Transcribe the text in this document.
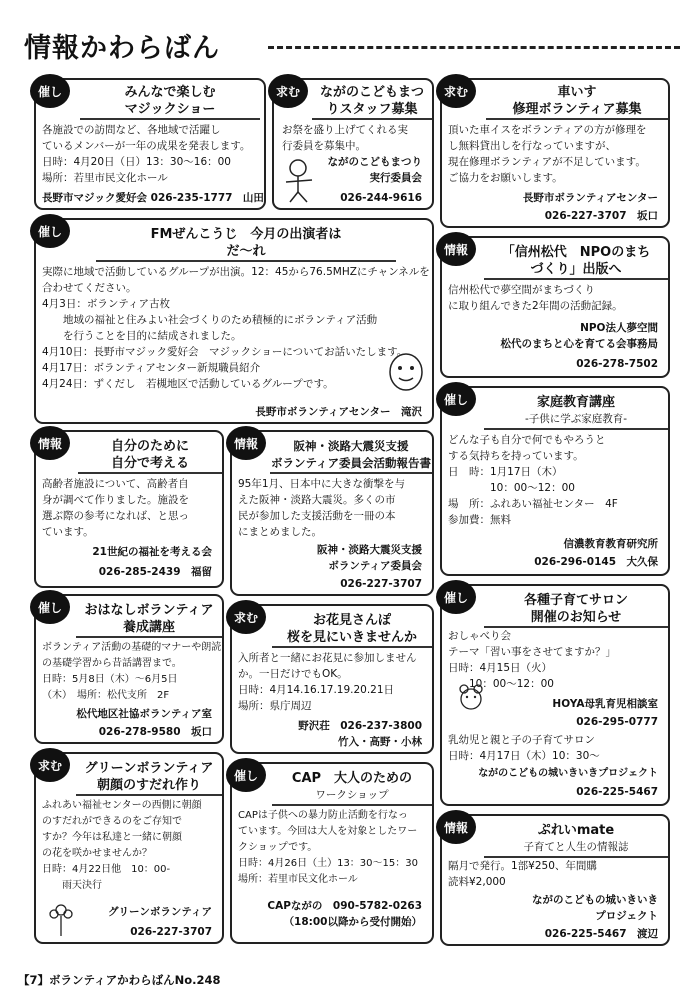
情報かわらばん
催し	みんなで楽しむ
マジックショー
各施設での訪問など、各地域で活躍し
ているメンバーが一年の成果を発表します。
日時：4月20日（日）13：30～16：00
場所：若里市民文化ホール
長野市マジック愛好会 026-235-1777　山田
求む	ながのこどもまつ
りスタッフ募集
お祭を盛り上げてくれる実
行委員を募集中。
ながのこどもまつり
実行委員会
026-244-9616
求む	車いす
修理ボランティア募集
頂いた車イスをボランティアの方が修理を
し無料貸出しを行なっていますが、
現在修理ボランティアが不足しています。
ご協力をお願いします。
長野市ボランティアセンター
026-227-3707　坂口
催し	FMぜんこうじ　今月の出演者は
だ～れ
実際に地域で活動しているグループが出演。12：45から76.5MHZにチャンネルを
合わせてください。
4月3日：ボランティア古枚
　　地域の福祉と住みよい社会づくりのため積極的にボランティア活動
　　を行うことを目的に結成されました。
4月10日：長野市マジック愛好会　マジックショーについてお話いたします。
4月17日：ボランティアセンター新規職員紹介
4月24日：ずくだし　若槻地区で活動しているグループです。
長野市ボランティアセンター　滝沢
情報	「信州松代　NPOのまち
づくり」出版へ
信州松代で夢空間がまちづくり
に取り組んできた2年間の活動記録。
NPO法人夢空間
松代のまちと心を育てる会事務局
026-278-7502
催し	家庭教育講座
-子供に学ぶ家庭教育-
どんな子も自分で何でもやろうと
する気持ちを持っています。
日　時：1月17日（木）
　　　　10：00～12：00
場　所：ふれあい福祉センター　4F
参加費：無料
信濃教育教育研究所
026-296-0145　大久保
情報	自分のために
自分で考える
高齢者施設について、高齢者自
身が調べて作りました。施設を
選ぶ際の参考になれば、と思っ
ています。
21世紀の福祉を考える会
026-285-2439　福留
情報	阪神・淡路大震災支援
ボランティア委員会活動報告書
95年1月、日本中に大きな衝撃を与
えた阪神・淡路大震災。多くの市
民が参加した支援活動を一冊の本
にまとめました。
阪神・淡路大震災支援
ボランティア委員会
026-227-3707
催し	おはなしボランティア
養成講座
ボランティア活動の基礎的マナーや朗読
の基礎学習から昔話講習まで。
日時：5月8日（木）～6月5日
（木）　場所：松代支所　2F
松代地区社協ボランティア室
026-278-9580　坂口
求む	お花見さんぽ
桜を見にいきませんか
入所者と一緒にお花見に参加しません
か。一日だけでもOK。
日時：4月14.16.17.19.20.21日
場所：県庁周辺
野沢荘　026-237-3800
竹入・高野・小林
催し	各種子育てサロン
開催のお知らせ
おしゃべり会
テーマ「習い事をさせてますか？」
日時：4月15日（火）
　　10：00～12：00
HOYA母乳育児相談室
026-295-0777
乳幼児と親と子の子育てサロン
日時：4月17日（木）10：30～
ながのこどもの城いきいきプロジェクト
026-225-5467
求む	グリーンボランティア
朝顔のすだれ作り
ふれあい福祉センターの西側に朝顔
のすだれができるのをご存知で
すか？今年は私達と一緒に朝顔
の花を咲かせませんか？
日時：4月22日他　10：00-
　　雨天決行
グリーンボランティア
026-227-3707
催し	CAP　大人のための
ワークショップ
CAPは子供への暴力防止活動を行なっ
ています。今回は大人を対象としたワー
クショップです。
日時：4月26日（土）13：30～15：30
場所：若里市民文化ホール
CAPながの　090-5782-0263
（18:00以降から受付開始）
情報	ぷれいmate
子育てと人生の情報誌
隔月で発行。1部¥250、年間購
読料¥2,000
ながのこどもの城いきいき
プロジェクト
026-225-5467　渡辺
【7】ボランティアかわらばんNo.248
